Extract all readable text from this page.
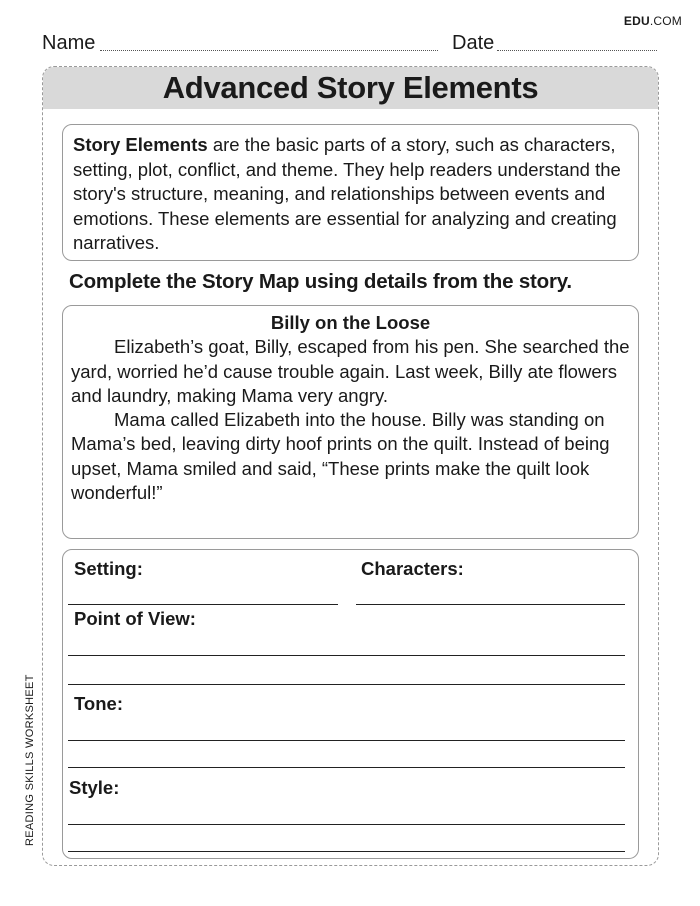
EDU.COM
Name	Date
READING SKILLS WORKSHEET
Advanced Story Elements
Story Elements are the basic parts of a story, such as characters, setting, plot, conflict, and theme. They help readers understand the story's structure, meaning, and relationships between events and emotions. These elements are essential for analyzing and creating narratives.
Complete the Story Map using details from the story.
Billy on the Loose

Elizabeth’s goat, Billy, escaped from his pen. She searched the yard, worried he’d cause trouble again. Last week, Billy ate flowers and laundry, making Mama very angry.

Mama called Elizabeth into the house. Billy was standing on Mama’s bed, leaving dirty hoof prints on the quilt. Instead of being upset, Mama smiled and said, “These prints make the quilt look wonderful!”

Setting:	Characters:
Point of View:
Tone:
Style:
